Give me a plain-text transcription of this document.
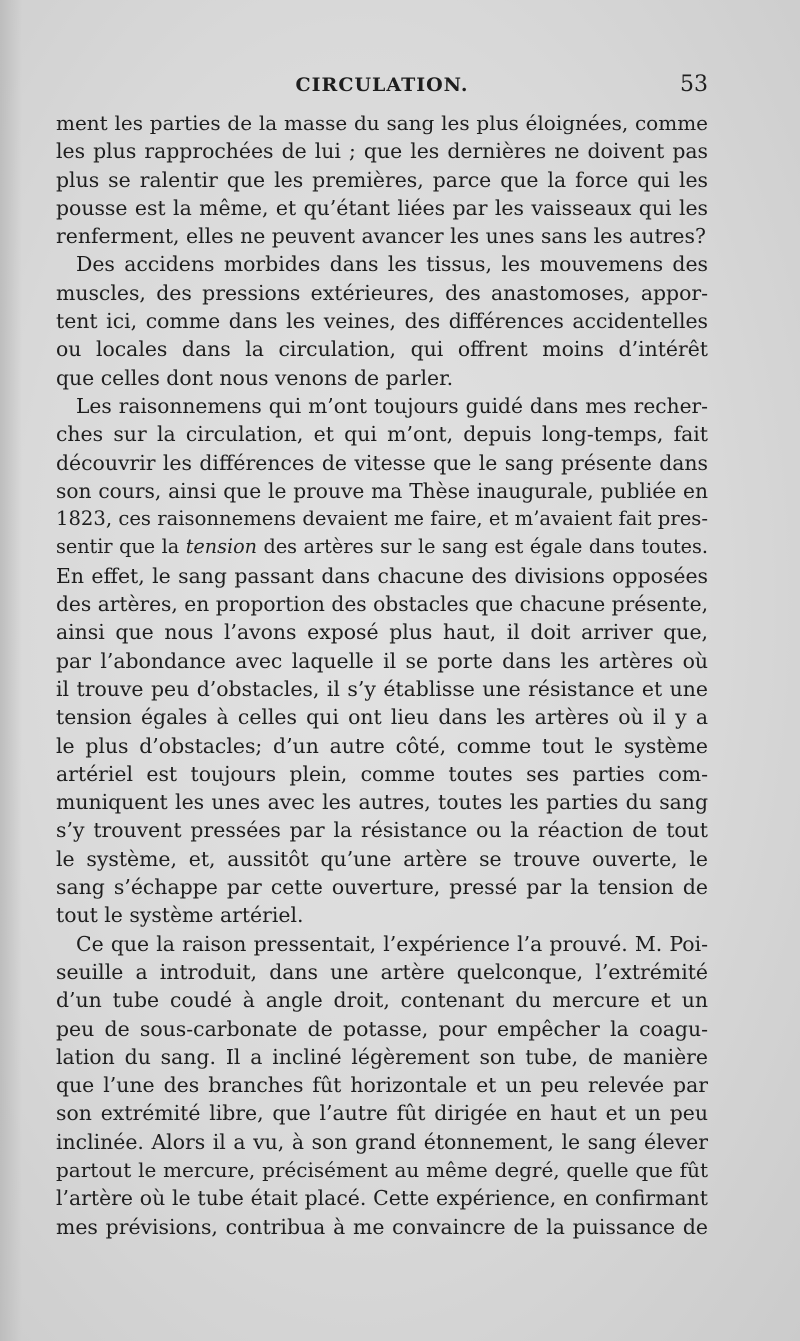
CIRCULATION.	53
ment les parties de la masse du sang les plus éloignées, comme
les plus rapprochées de lui ; que les dernières ne doivent pas
plus se ralentir que les premières, parce que la force qui les
pousse est la même, et qu’étant liées par les vaisseaux qui les
renferment, elles ne peuvent avancer les unes sans les autres?
Des accidens morbides dans les tissus, les mouvemens des
muscles, des pressions extérieures, des anastomoses, appor-
tent ici, comme dans les veines, des différences accidentelles
ou locales dans la circulation, qui offrent moins d’intérêt
que celles dont nous venons de parler.
Les raisonnemens qui m’ont toujours guidé dans mes recher-
ches sur la circulation, et qui m’ont, depuis long-temps, fait
découvrir les différences de vitesse que le sang présente dans
son cours, ainsi que le prouve ma Thèse inaugurale, publiée en
1823, ces raisonnemens devaient me faire, et m’avaient fait pres-
sentir que la tension des artères sur le sang est égale dans toutes.
En effet, le sang passant dans chacune des divisions opposées
des artères, en proportion des obstacles que chacune présente,
ainsi que nous l’avons exposé plus haut, il doit arriver que,
par l’abondance avec laquelle il se porte dans les artères où
il trouve peu d’obstacles, il s’y établisse une résistance et une
tension égales à celles qui ont lieu dans les artères où il y a
le plus d’obstacles; d’un autre côté, comme tout le système
artériel est toujours plein, comme toutes ses parties com-
muniquent les unes avec les autres, toutes les parties du sang
s’y trouvent pressées par la résistance ou la réaction de tout
le système, et, aussitôt qu’une artère se trouve ouverte, le
sang s’échappe par cette ouverture, pressé par la tension de
tout le système artériel.
Ce que la raison pressentait, l’expérience l’a prouvé. M. Poi-
seuille a introduit, dans une artère quelconque, l’extrémité
d’un tube coudé à angle droit, contenant du mercure et un
peu de sous-carbonate de potasse, pour empêcher la coagu-
lation du sang. Il a incliné légèrement son tube, de manière
que l’une des branches fût horizontale et un peu relevée par
son extrémité libre, que l’autre fût dirigée en haut et un peu
inclinée. Alors il a vu, à son grand étonnement, le sang élever
partout le mercure, précisément au même degré, quelle que fût
l’artère où le tube était placé. Cette expérience, en confirmant
mes prévisions, contribua à me convaincre de la puissance de
